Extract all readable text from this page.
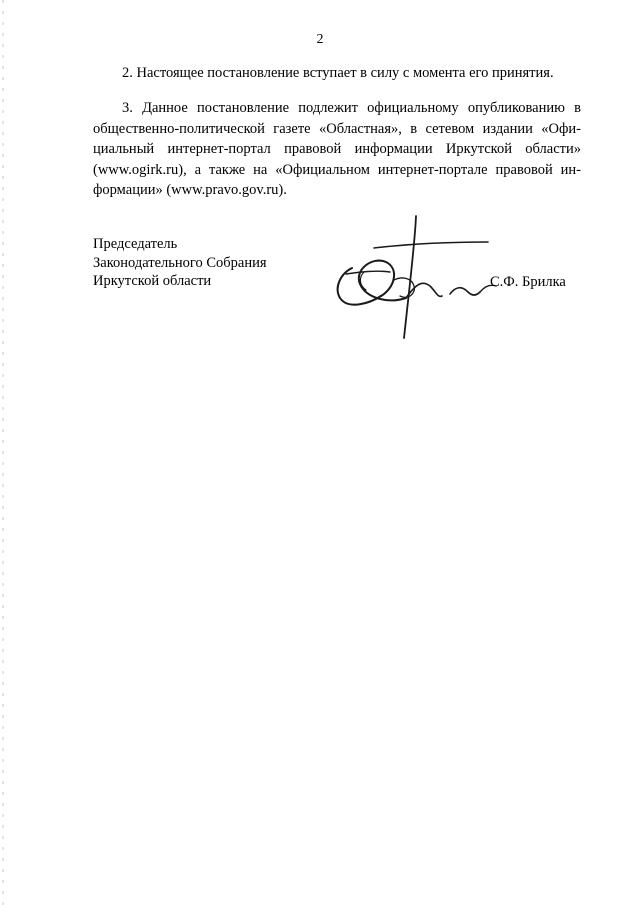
2
2. Настоящее постановление вступает в силу с момента его принятия.
3. Данное постановление подлежит официальному опубликованию в
общественно-политической газете «Областная», в сетевом издании «Офи-
циальный интернет-портал правовой информации Иркутской области»
(www.ogirk.ru), а также на «Официальном интернет-портале правовой ин-
формации» (www.pravo.gov.ru).
Председатель
Законодательного Собрания
Иркутской области	С.Ф. Брилка
